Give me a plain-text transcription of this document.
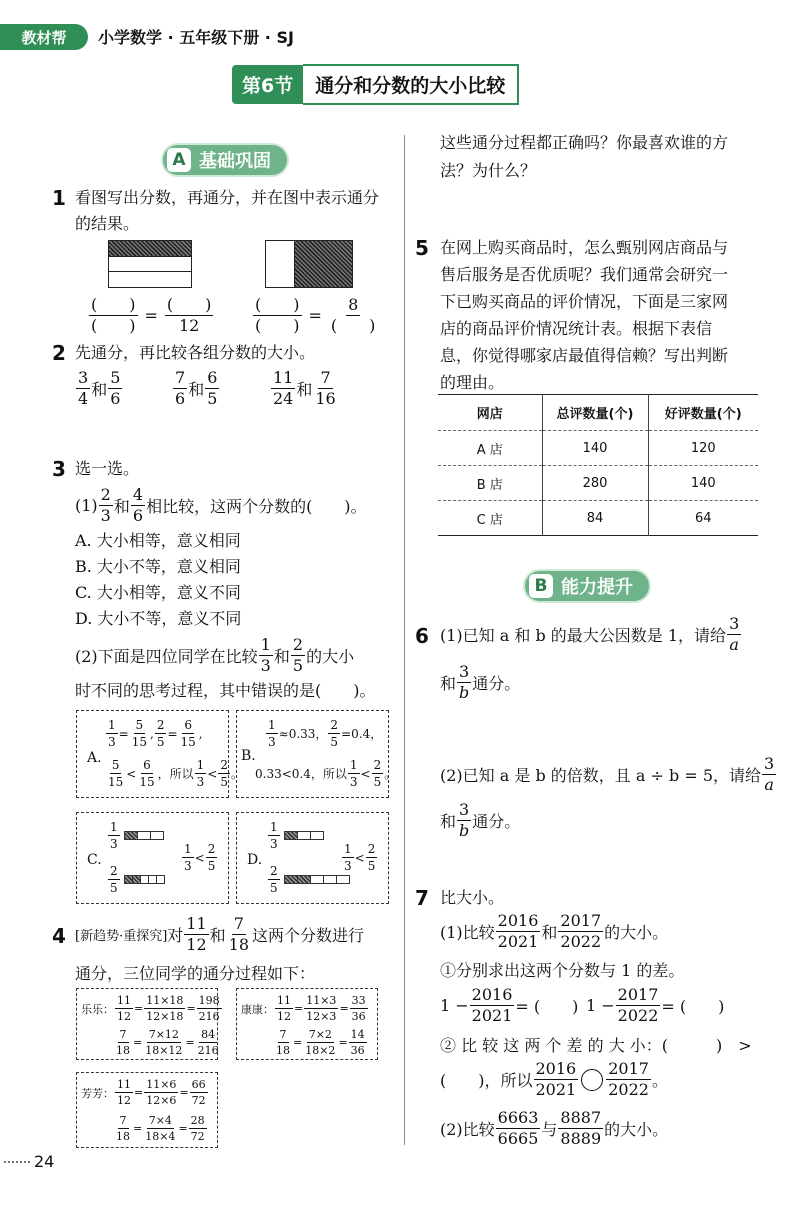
教材帮 小学数学 · 五年级下册 · SJ
第6节	通分和分数的大小比较
A 基础巩固
1 看图写出分数，再通分，并在图中表示通分
的结果。
$\frac{( )}{( )} = \frac{( )}{12} \frac{( )}{( )} = \frac{8}{( )}$
2 先通分，再比较各组分数的大小。
$\frac{3}{4}$ 和 $\frac{5}{6}$	$\frac{7}{6}$ 和 $\frac{6}{5}$	$\frac{11}{24}$ 和 $\frac{7}{16}$
3 选一选。
$(1) \frac{2}{3}$ 和 $\frac{4}{6}$ 相比较，这两个分数的(　　)。
A. 大小相等，意义相同
B. 大小不等，意义相同
C. 大小相等，意义不同
D. 大小不等，意义不同
(2)下面是四位同学在比较 $\frac{1}{3}$ 和 $\frac{2}{5}$ 的大小
时不同的思考过程，其中错误的是(　　)。
A.
$\frac{1}{3} = \frac{5}{15}$ , $\frac{2}{5} = \frac{6}{15}$ ,
$\frac{5}{15} < \frac{6}{15}$ ，所以 $\frac{1}{3} < \frac{2}{5}$ 。
B.
$\frac{1}{3} \approx 0.33$， $\frac{2}{5} =0.4$，
0.33<0.4，所以 $\frac{1}{3} < \frac{2}{5}$ 。
C.
$\frac{1}{3}$
$\frac{2}{5}$
$\frac{1}{3} < \frac{2}{5} D$.
$\frac{1}{3}$
$\frac{2}{5}$
$\frac{1}{3} < \frac{2}{5}$
4 [新趋势·重探究] 对 $\frac{11}{12}$ 和 $\frac{7}{18}$ 这两个分数进行
通分，三位同学的通分过程如下：
乐乐： $\frac{11}{12} = \frac{11\times 18}{12\times 18} = \frac{198}{216}$
$\frac{7}{18} = \frac{7\times 12}{18\times 12} = \frac{84}{216}$
康康： $\frac{11}{12} = \frac{11\times 3}{12\times 3} = \frac{33}{36}$
$\frac{7}{18} = \frac{7\times 2}{18\times 2} = \frac{14}{36}$
芳芳： $\frac{11}{12} = \frac{11\times 6}{12\times 6} = \frac{66}{72}$
$\frac{7}{18} = \frac{7\times 4}{18\times 4} = \frac{28}{72}$
24
这些通分过程都正确吗？你最喜欢谁的方
法？为什么？
5 在网上购买商品时，怎么甄别网店商品与
售后服务是否优质呢？我们通常会研究一
下已购买商品的评价情况，下面是三家网
店的商品评价情况统计表。根据下表信
息，你觉得哪家店最值得信赖？写出判断
的理由。
网店	总评数量(个)	好评数量(个)
A 店	140	120
B 店	280	140
C 店	84	64
B 能力提升
6 (1)已知 a 和 b 的最大公因数是 1，请给 $\frac{3}{a}$
和 $\frac{3}{b}$ 通分。
(2)已知 a 是 b 的倍数，且 a ÷ b = 5，请给 $\frac{3}{a}$
和 $\frac{3}{b}$ 通分。
7 比大小。
(1)比较 $\frac{2016}{2021}$ 和 $\frac{2017}{2022}$ 的大小。
①分别求出这两个分数与 1 的差。
$1 - \frac{2016}{2021}$ = (　　) $1 - \frac{2017}{2022}$ = (　　)
② 比 较 这 两 个 差 的 大 小：(　　　)　>
(　　)，所以 $\frac{2016}{2021} \frac{2017}{2022}$ 。
(2)比较 $\frac{6663}{6665}$ 与 $\frac{8887}{8889}$ 的大小。
